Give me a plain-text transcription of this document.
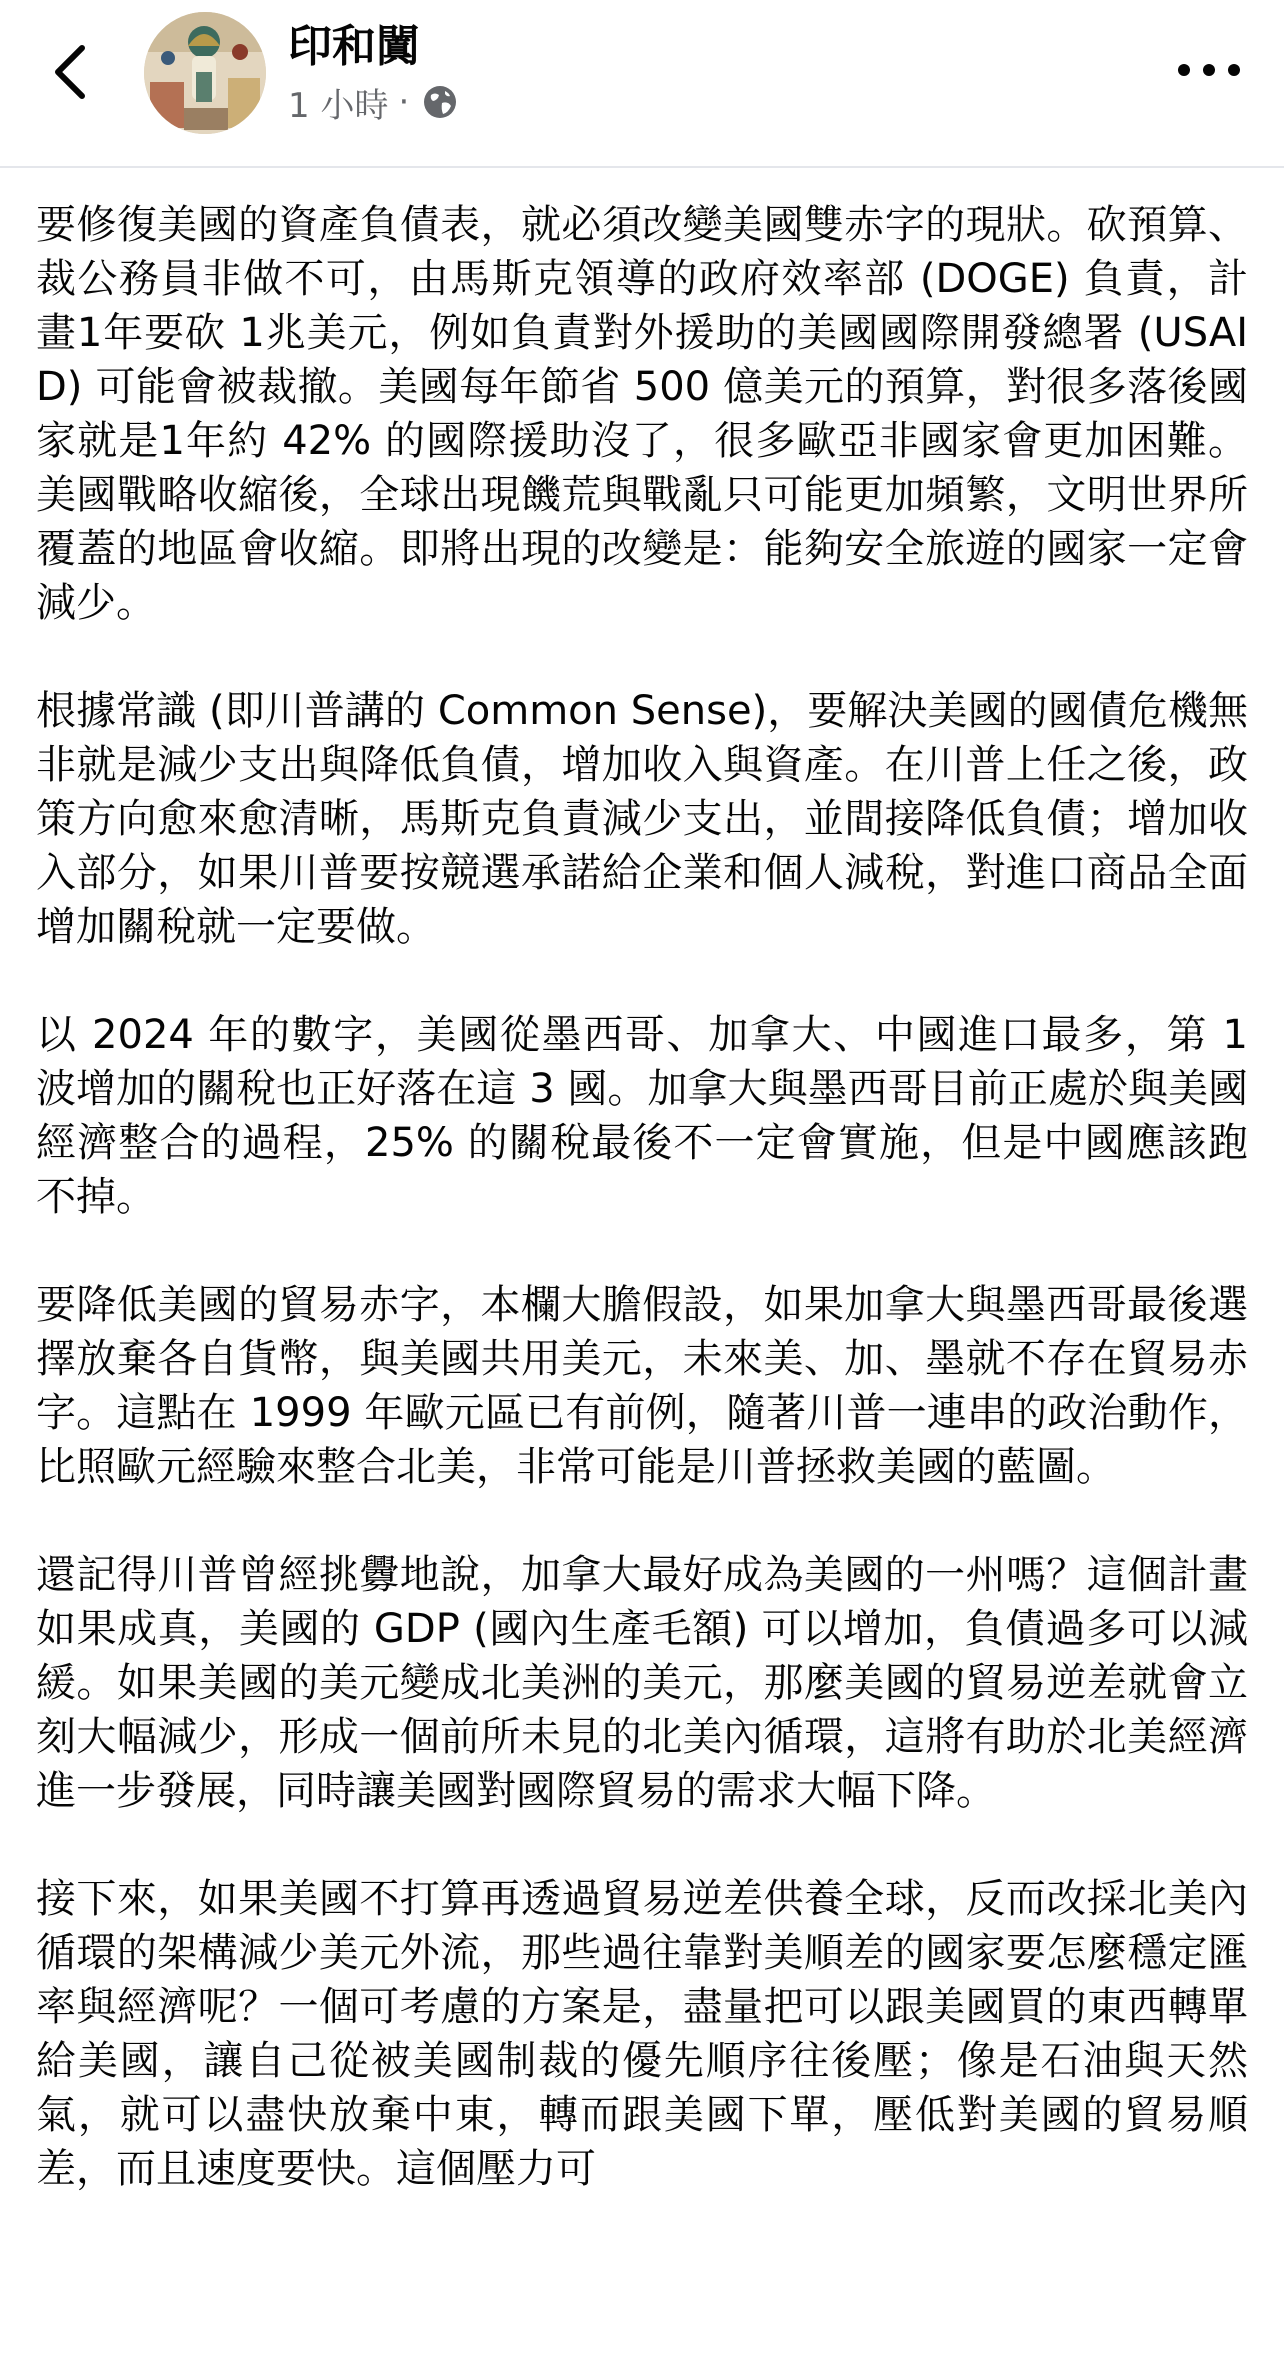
印和闐
1 小時 ·

要修復美國的資產負債表，就必須改變美國雙赤字的現狀。砍預算、裁公務員非做不可，由馬斯克領導的政府效率部 (DOGE) 負責，計畫1年要砍 1兆美元，例如負責對外援助的美國國際開發總署 (USAID) 可能會被裁撤。美國每年節省 500 億美元的預算，對很多落後國家就是1年約 42% 的國際援助沒了，很多歐亞非國家會更加困難。美國戰略收縮後，全球出現饑荒與戰亂只可能更加頻繁，文明世界所覆蓋的地區會收縮。即將出現的改變是：能夠安全旅遊的國家一定會減少。

根據常識 (即川普講的 Common Sense)，要解決美國的國債危機無非就是減少支出與降低負債，增加收入與資產。在川普上任之後，政策方向愈來愈清晰，馬斯克負責減少支出，並間接降低負債；增加收入部分，如果川普要按競選承諾給企業和個人減稅，對進口商品全面增加關稅就一定要做。

以 2024 年的數字，美國從墨西哥、加拿大、中國進口最多，第 1 波增加的關稅也正好落在這 3 國。加拿大與墨西哥目前正處於與美國經濟整合的過程，25% 的關稅最後不一定會實施，但是中國應該跑不掉。

要降低美國的貿易赤字，本欄大膽假設，如果加拿大與墨西哥最後選擇放棄各自貨幣，與美國共用美元，未來美、加、墨就不存在貿易赤字。這點在 1999 年歐元區已有前例，隨著川普一連串的政治動作，比照歐元經驗來整合北美，非常可能是川普拯救美國的藍圖。

還記得川普曾經挑釁地說，加拿大最好成為美國的一州嗎？這個計畫如果成真，美國的 GDP (國內生產毛額) 可以增加，負債過多可以減緩。如果美國的美元變成北美洲的美元，那麼美國的貿易逆差就會立刻大幅減少，形成一個前所未見的北美內循環，這將有助於北美經濟進一步發展，同時讓美國對國際貿易的需求大幅下降。

接下來，如果美國不打算再透過貿易逆差供養全球，反而改採北美內循環的架構減少美元外流，那些過往靠對美順差的國家要怎麼穩定匯率與經濟呢？一個可考慮的方案是，盡量把可以跟美國買的東西轉單給美國，讓自己從被美國制裁的優先順序往後壓；像是石油與天然氣，就可以盡快放棄中東，轉而跟美國下單，壓低對美國的貿易順差，而且速度要快。這個壓力可
